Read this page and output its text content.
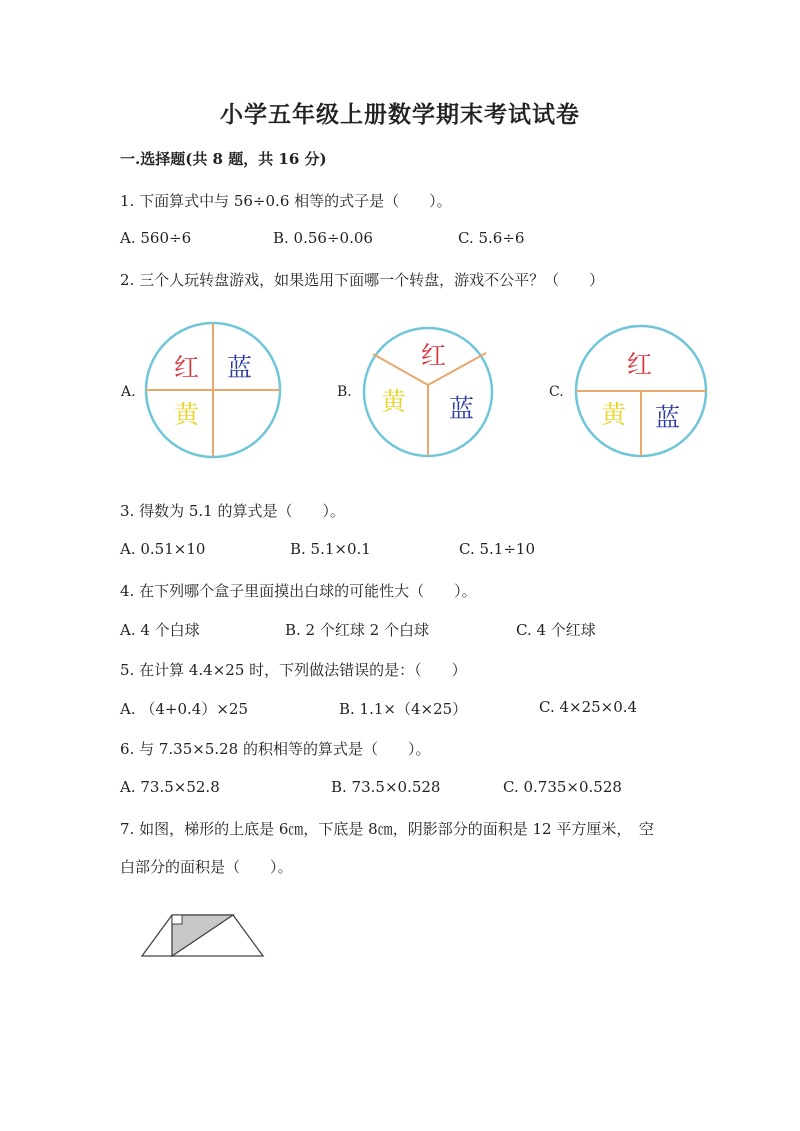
小学五年级上册数学期末考试试卷
一.选择题(共 8 题，共 16 分)
1. 下面算式中与 56÷0.6 相等的式子是（　　）。
A. 560÷6	B. 0.56÷0.06	C. 5.6÷6
2. 三个人玩转盘游戏，如果选用下面哪一个转盘，游戏不公平？（　　）
A.
红 蓝
黄
B.
红
黄 蓝
C.
红
黄 蓝
3. 得数为 5.1 的算式是（　　）。
A. 0.51×10	B. 5.1×0.1	C. 5.1÷10
4. 在下列哪个盒子里面摸出白球的可能性大（　　）。
A. 4 个白球	B. 2 个红球 2 个白球	C. 4 个红球
5. 在计算 4.4×25 时，下列做法错误的是：（　　）
A. （4+0.4）×25	B. 1.1×（4×25）	C. 4×25×0.4
6. 与 7.35×5.28 的积相等的算式是（　　）。
A. 73.5×52.8	B. 73.5×0.528	C. 0.735×0.528
7. 如图，梯形的上底是 6㎝，下底是 8㎝，阴影部分的面积是 12 平方厘米，　空
白部分的面积是（　　）。
